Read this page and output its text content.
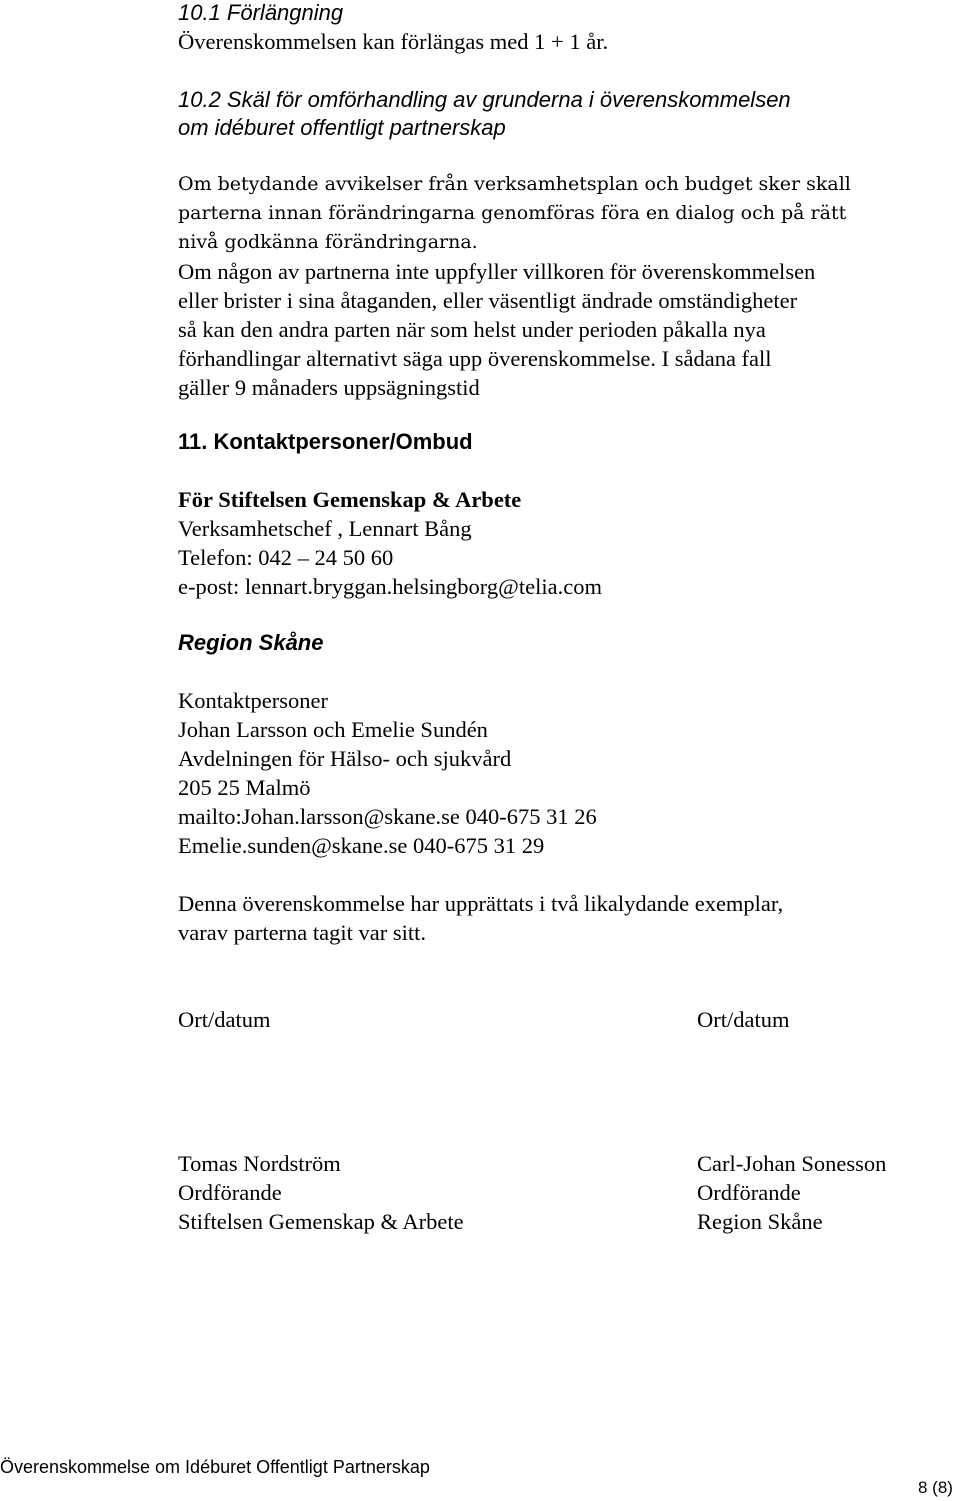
10.1 Förlängning
Överenskommelsen kan förlängas med 1 + 1 år.
10.2 Skäl för omförhandling av grunderna i överenskommelsen
om idéburet offentligt partnerskap
Om betydande avvikelser från verksamhetsplan och budget sker skall
parterna innan förändringarna genomföras föra en dialog och på rätt
nivå godkänna förändringarna.
Om någon av partnerna inte uppfyller villkoren för överenskommelsen
eller brister i sina åtaganden, eller väsentligt ändrade omständigheter
så kan den andra parten när som helst under perioden påkalla nya
förhandlingar alternativt säga upp överenskommelse. I sådana fall
gäller 9 månaders uppsägningstid
11. Kontaktpersoner/Ombud
För Stiftelsen Gemenskap & Arbete
Verksamhetschef , Lennart Bång
Telefon: 042 – 24 50 60
e-post: lennart.bryggan.helsingborg@telia.com
Region Skåne
Kontaktpersoner
Johan Larsson och Emelie Sundén
Avdelningen för Hälso- och sjukvård
205 25 Malmö
mailto:Johan.larsson@skane.se 040-675 31 26
Emelie.sunden@skane.se 040-675 31 29
Denna överenskommelse har upprättats i två likalydande exemplar,
varav parterna tagit var sitt.
Ort/datum	Ort/datum
Tomas Nordström
Ordförande
Stiftelsen Gemenskap & Arbete
Carl-Johan Sonesson
Ordförande
Region Skåne
Överenskommelse om Idéburet Offentligt Partnerskap
8 (8)
